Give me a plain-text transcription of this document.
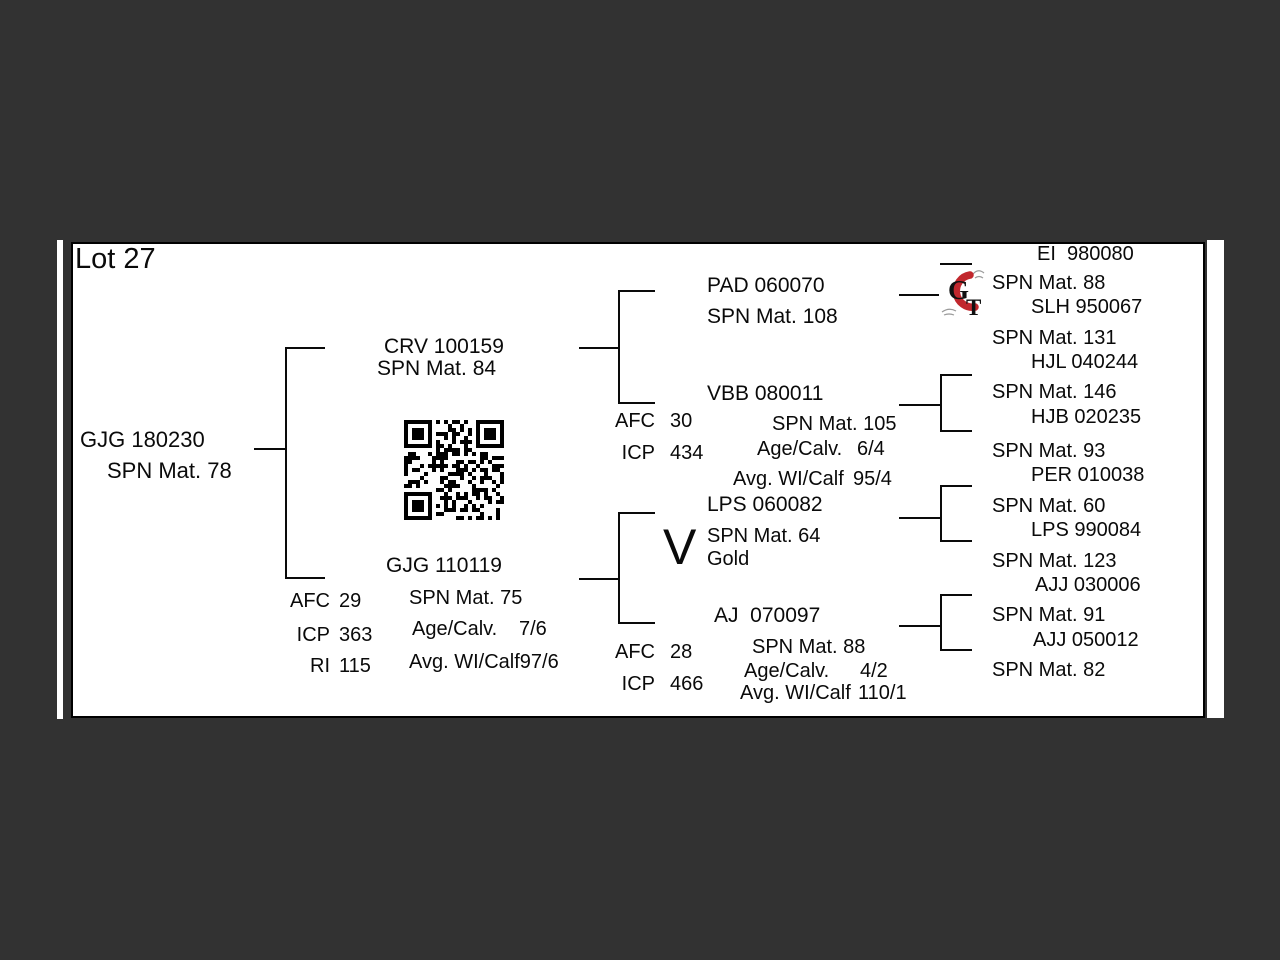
Lot 27
GJG 180230
SPN Mat. 78
CRV 100159
SPN Mat. 84
GJG 110119
AFC 29 SPN Mat. 75
ICP 363 Age/Calv. 7/6
RI 115 Avg. WI/Calf 97/6
PAD 060070
SPN Mat. 108
AFC 30
ICP 434
VBB 080011
SPN Mat. 105
Age/Calv. 6/4
Avg. WI/Calf 95/4
LPS 060082
V SPN Mat. 64
Gold
AJ  070097
AFC 28	SPN Mat. 88
ICP 466
Age/Calv. 4/2
Avg. WI/Calf 110/1
EI  980080
SPN Mat. 88
SLH 950067
SPN Mat. 131
HJL 040244
SPN Mat. 146
HJB 020235
SPN Mat. 93
PER 010038
SPN Mat. 60
LPS 990084
SPN Mat. 123
AJJ 030006
SPN Mat. 91
AJJ 050012
SPN Mat. 82
G
T
